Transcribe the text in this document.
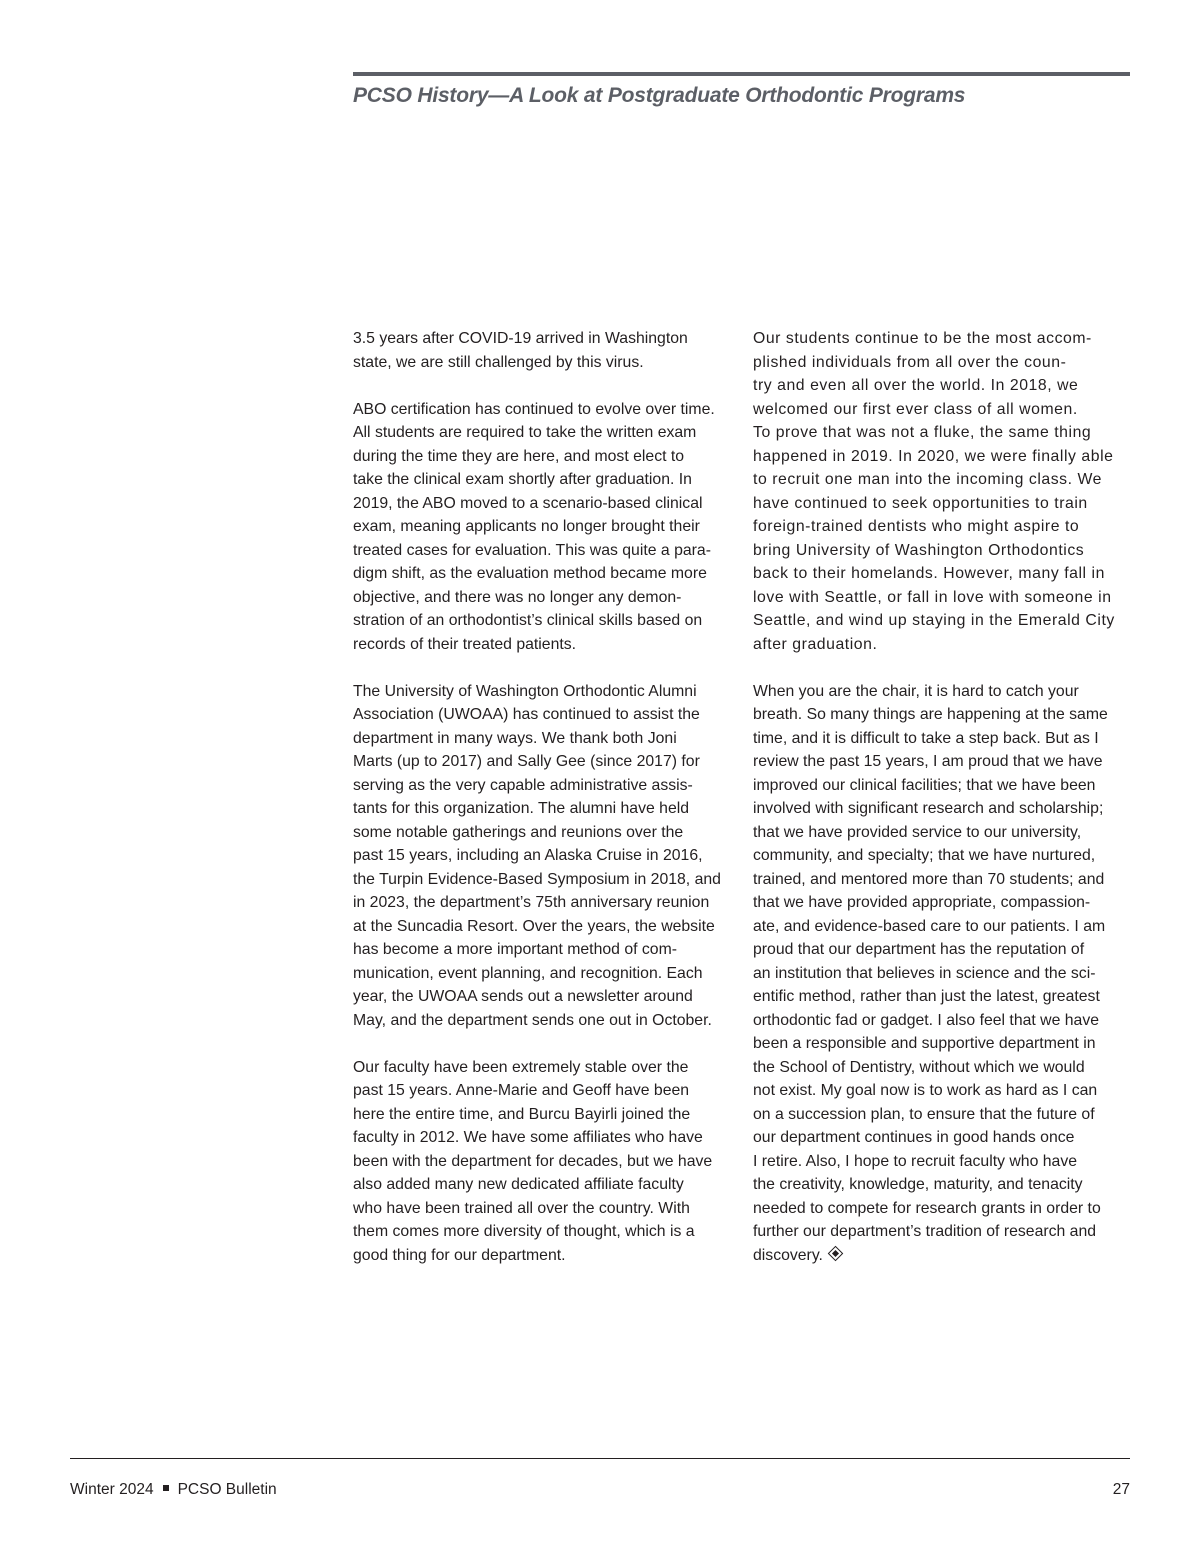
PCSO History—A Look at Postgraduate Orthodontic Programs

3.5 years after COVID-19 arrived in Washington
state, we are still challenged by this virus.

ABO certification has continued to evolve over time.
All students are required to take the written exam
during the time they are here, and most elect to
take the clinical exam shortly after graduation. In
2019, the ABO moved to a scenario-based clinical
exam, meaning applicants no longer brought their
treated cases for evaluation. This was quite a para-
digm shift, as the evaluation method became more
objective, and there was no longer any demon-
stration of an orthodontist’s clinical skills based on
records of their treated patients.

The University of Washington Orthodontic Alumni
Association (UWOAA) has continued to assist the
department in many ways. We thank both Joni
Marts (up to 2017) and Sally Gee (since 2017) for
serving as the very capable administrative assis-
tants for this organization. The alumni have held
some notable gatherings and reunions over the
past 15 years, including an Alaska Cruise in 2016,
the Turpin Evidence-Based Symposium in 2018, and
in 2023, the department’s 75th anniversary reunion
at the Suncadia Resort. Over the years, the website
has become a more important method of com-
munication, event planning, and recognition. Each
year, the UWOAA sends out a newsletter around
May, and the department sends one out in October.

Our faculty have been extremely stable over the
past 15 years. Anne-Marie and Geoff have been
here the entire time, and Burcu Bayirli joined the
faculty in 2012. We have some affiliates who have
been with the department for decades, but we have
also added many new dedicated affiliate faculty
who have been trained all over the country. With
them comes more diversity of thought, which is a
good thing for our department.

Our students continue to be the most accom-
plished individuals from all over the coun-
try and even all over the world. In 2018, we
welcomed our first ever class of all women.
To prove that was not a fluke, the same thing
happened in 2019. In 2020, we were finally able
to recruit one man into the incoming class. We
have continued to seek opportunities to train
foreign-trained dentists who might aspire to
bring University of Washington Orthodontics
back to their homelands. However, many fall in
love with Seattle, or fall in love with someone in
Seattle, and wind up staying in the Emerald City
after graduation.

When you are the chair, it is hard to catch your
breath. So many things are happening at the same
time, and it is difficult to take a step back. But as I
review the past 15 years, I am proud that we have
improved our clinical facilities; that we have been
involved with significant research and scholarship;
that we have provided service to our university,
community, and specialty; that we have nurtured,
trained, and mentored more than 70 students; and
that we have provided appropriate, compassion-
ate, and evidence-based care to our patients. I am
proud that our department has the reputation of
an institution that believes in science and the sci-
entific method, rather than just the latest, greatest
orthodontic fad or gadget. I also feel that we have
been a responsible and supportive department in
the School of Dentistry, without which we would
not exist. My goal now is to work as hard as I can
on a succession plan, to ensure that the future of
our department continues in good hands once
I retire. Also, I hope to recruit faculty who have
the creativity, knowledge, maturity, and tenacity
needed to compete for research grants in order to
further our department’s tradition of research and
discovery.

Winter 2024 PCSO Bulletin	27
